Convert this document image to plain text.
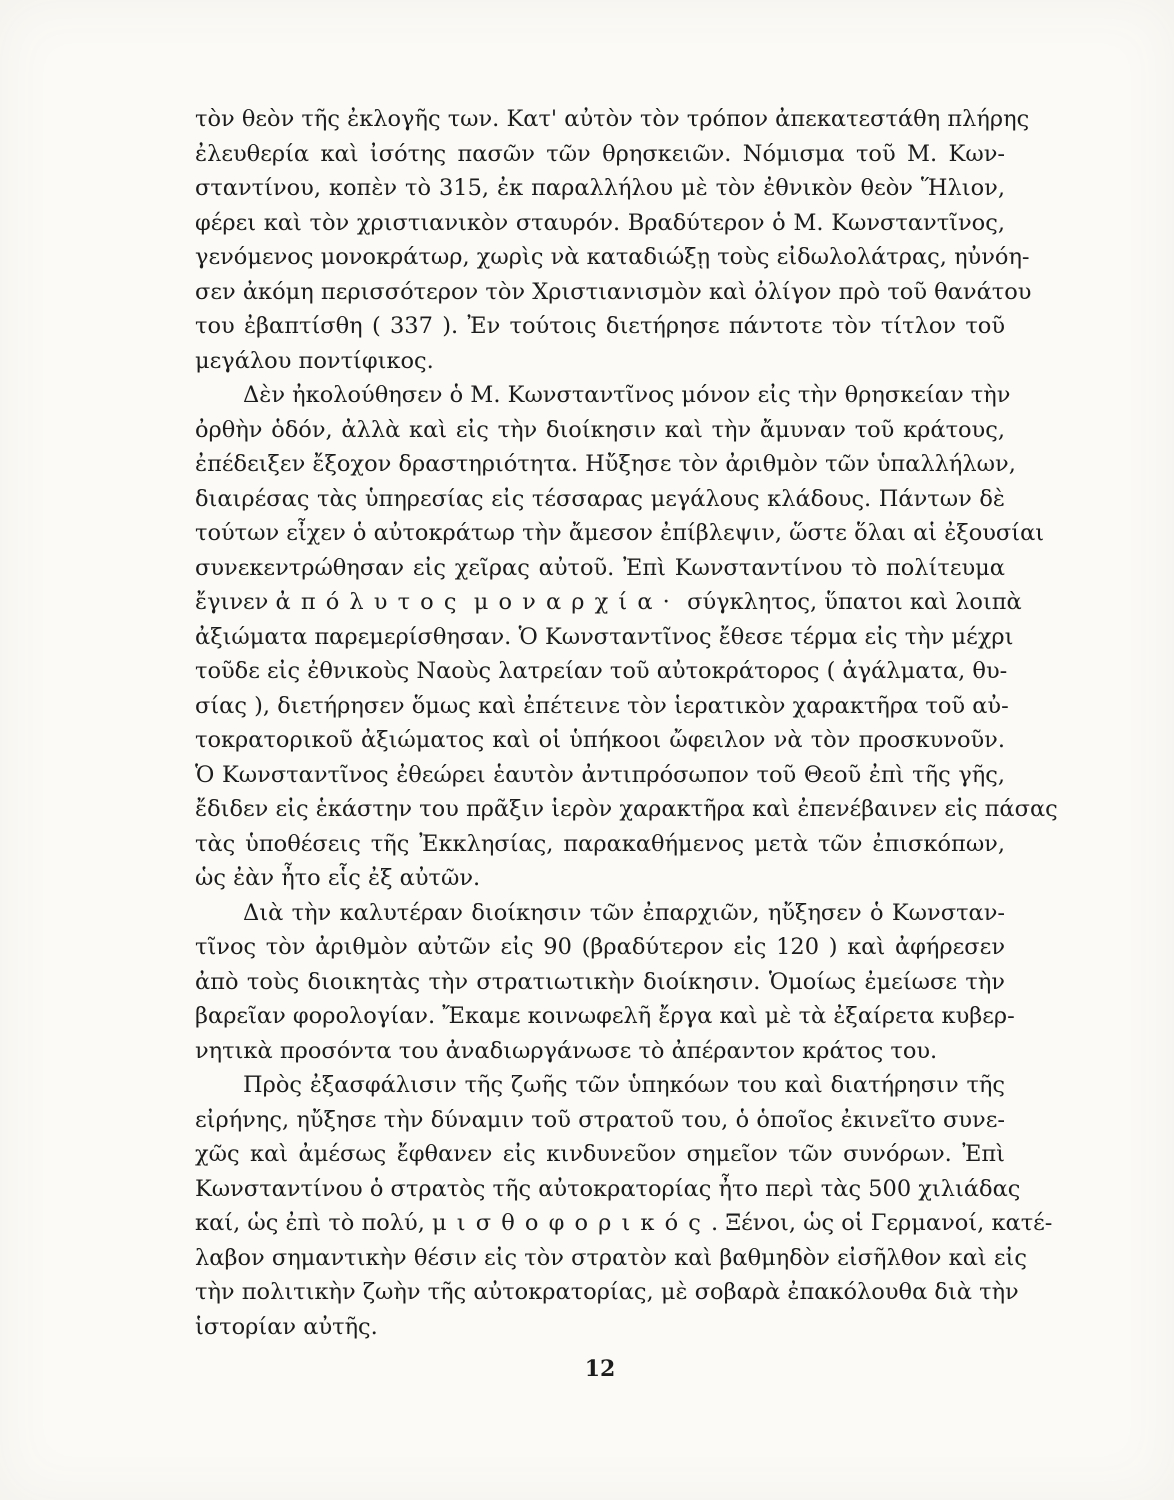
τὸν θεὸν τῆς ἐκλογῆς των. Κατ' αὐτὸν τὸν τρόπον ἀπεκατεστάθη πλήρης
ἐλευθερία καὶ ἰσότης πασῶν τῶν θρησκειῶν. Νόμισμα τοῦ Μ. Κων-
σταντίνου, κοπὲν τὸ 315, ἐκ παραλλήλου μὲ τὸν ἐθνικὸν θεὸν Ἥλιον,
φέρει καὶ τὸν χριστιανικὸν σταυρόν. Βραδύτερον ὁ Μ. Κωνσταντῖνος,
γενόμενος μονοκράτωρ, χωρὶς νὰ καταδιώξῃ τοὺς εἰδωλολάτρας, ηὐνόη-
σεν ἀκόμη περισσότερον τὸν Χριστιανισμὸν καὶ ὀλίγον πρὸ τοῦ θανάτου
του ἐβαπτίσθη ( 337 ). Ἐν τούτοις διετήρησε πάντοτε τὸν τίτλον τοῦ
μεγάλου ποντίφικος.
Δὲν ἠκολούθησεν ὁ Μ. Κωνσταντῖνος μόνον εἰς τὴν θρησκείαν τὴν
ὀρθὴν ὁδόν, ἀλλὰ καὶ εἰς τὴν διοίκησιν καὶ τὴν ἄμυναν τοῦ κράτους,
ἐπέδειξεν ἔξοχον δραστηριότητα. Ηὔξησε τὸν ἀριθμὸν τῶν ὑπαλλήλων,
διαιρέσας τὰς ὑπηρεσίας εἰς τέσσαρας μεγάλους κλάδους. Πάντων δὲ
τούτων εἶχεν ὁ αὐτοκράτωρ τὴν ἄμεσον ἐπίβλεψιν, ὥστε ὅλαι αἱ ἐξουσίαι
συνεκεντρώθησαν εἰς χεῖρας αὐτοῦ. Ἐπὶ Κωνσταντίνου τὸ πολίτευμα
ἔγινεν ἀπόλυτος μοναρχία· σύγκλητος, ὕπατοι καὶ λοιπὰ
ἀξιώματα παρεμερίσθησαν. Ὁ Κωνσταντῖνος ἔθεσε τέρμα εἰς τὴν μέχρι
τοῦδε εἰς ἐθνικοὺς Ναοὺς λατρείαν τοῦ αὐτοκράτορος ( ἀγάλματα, θυ-
σίας ), διετήρησεν ὅμως καὶ ἐπέτεινε τὸν ἱερατικὸν χαρακτῆρα τοῦ αὐ-
τοκρατορικοῦ ἀξιώματος καὶ οἱ ὑπήκοοι ὤφειλον νὰ τὸν προσκυνοῦν.
Ὁ Κωνσταντῖνος ἐθεώρει ἑαυτὸν ἀντιπρόσωπον τοῦ Θεοῦ ἐπὶ τῆς γῆς,
ἔδιδεν εἰς ἑκάστην του πρᾶξιν ἱερὸν χαρακτῆρα καὶ ἐπενέβαινεν εἰς πάσας
τὰς ὑποθέσεις τῆς Ἐκκλησίας, παρακαθήμενος μετὰ τῶν ἐπισκόπων,
ὡς ἐὰν ἦτο εἷς ἐξ αὐτῶν.
Διὰ τὴν καλυτέραν διοίκησιν τῶν ἐπαρχιῶν, ηὔξησεν ὁ Κωνσταν-
τῖνος τὸν ἀριθμὸν αὐτῶν εἰς 90 (βραδύτερον εἰς 120 ) καὶ ἀφήρεσεν
ἀπὸ τοὺς διοικητὰς τὴν στρατιωτικὴν διοίκησιν. Ὁμοίως ἐμείωσε τὴν
βαρεῖαν φορολογίαν. Ἔκαμε κοινωφελῆ ἔργα καὶ μὲ τὰ ἐξαίρετα κυβερ-
νητικὰ προσόντα του ἀναδιωργάνωσε τὸ ἀπέραντον κράτος του.
Πρὸς ἐξασφάλισιν τῆς ζωῆς τῶν ὑπηκόων του καὶ διατήρησιν τῆς
εἰρήνης, ηὔξησε τὴν δύναμιν τοῦ στρατοῦ του, ὁ ὁποῖος ἐκινεῖτο συνε-
χῶς καὶ ἀμέσως ἔφθανεν εἰς κινδυνεῦον σημεῖον τῶν συνόρων. Ἐπὶ
Κωνσταντίνου ὁ στρατὸς τῆς αὐτοκρατορίας ἦτο περὶ τὰς 500 χιλιάδας
καί, ὡς ἐπὶ τὸ πολύ, μισθοφορικός. Ξένοι, ὡς οἱ Γερμανοί, κατέ-
λαβον σημαντικὴν θέσιν εἰς τὸν στρατὸν καὶ βαθμηδὸν εἰσῆλθον καὶ εἰς
τὴν πολιτικὴν ζωὴν τῆς αὐτοκρατορίας, μὲ σοβαρὰ ἐπακόλουθα διὰ τὴν
ἱστορίαν αὐτῆς.
12
